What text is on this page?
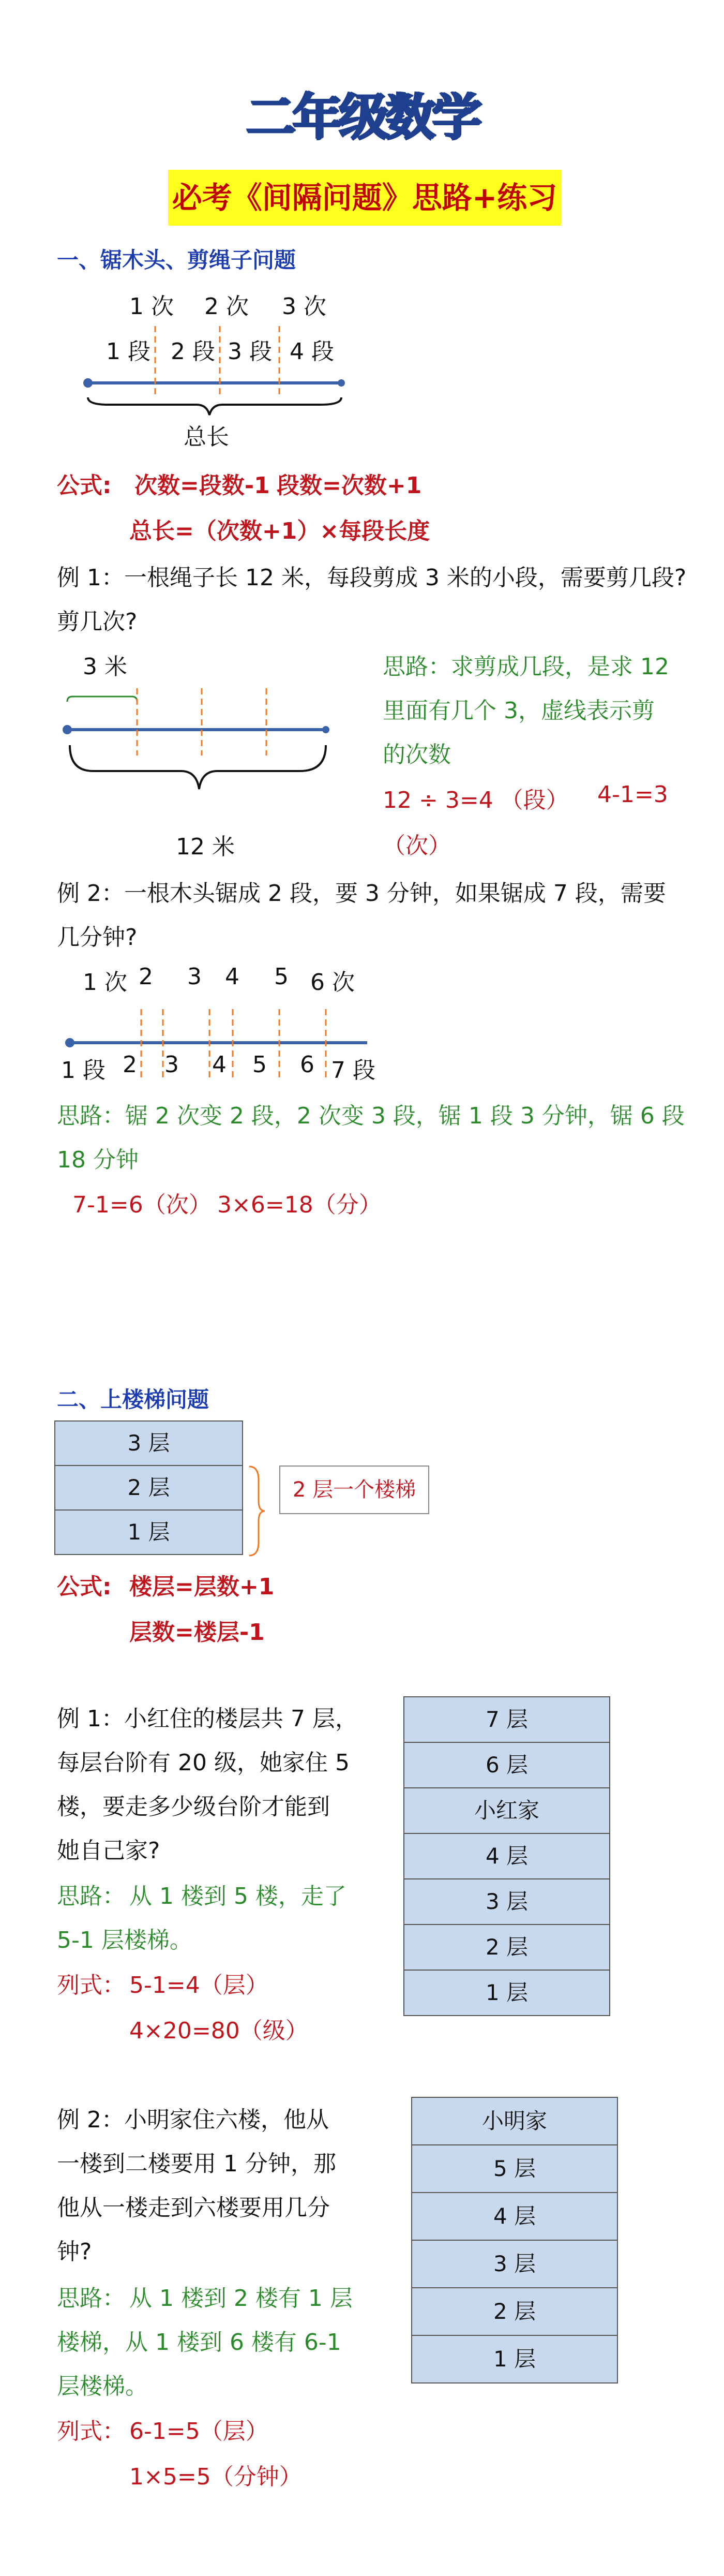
二年级数学
必考《间隔问题》思路+练习
一、锯木头、剪绳子问题
1 次 2 次 3 次
1 段 2 段 3 段 4 段
总长
公式: 次数=段数-1 段数=次数+1
总长=（次数+1）×每段长度
例 1：一根绳子长 12 米，每段剪成 3 米的小段，需要剪几段?
剪几次?
3 米
12 米
思路：求剪成几段，是求 12
里面有几个 3，虚线表示剪
的次数
12 ÷ 3=4 （段） 4-1=3
（次）
例 2：一根木头锯成 2 段，要 3 分钟，如果锯成 7 段，需要
几分钟?
1 次 2 3 4 5 6 次
1 段 2 3 4 5 6 7 段
思路：锯 2 次变 2 段，2 次变 3 段，锯 1 段 3 分钟，锯 6 段
18 分钟
7-1=6（次） 3×6=18（分）
二、上楼梯问题
3 层
2 层
1 层
2 层一个楼梯
公式: 楼层=层数+1
层数=楼层-1
例 1：小红住的楼层共 7 层，
每层台阶有 20 级，她家住 5
楼，要走多少级台阶才能到
她自己家?
思路： 从 1 楼到 5 楼，走了
5-1 层楼梯。
列式： 5-1=4（层）
4×20=80（级）
7 层
6 层
小红家
4 层
3 层
2 层
1 层
例 2：小明家住六楼，他从
一楼到二楼要用 1 分钟，那
他从一楼走到六楼要用几分
钟?
思路： 从 1 楼到 2 楼有 1 层
楼梯，从 1 楼到 6 楼有 6-1
层楼梯。
列式： 6-1=5（层）
1×5=5（分钟）
小明家
5 层
4 层
3 层
2 层
1 层
